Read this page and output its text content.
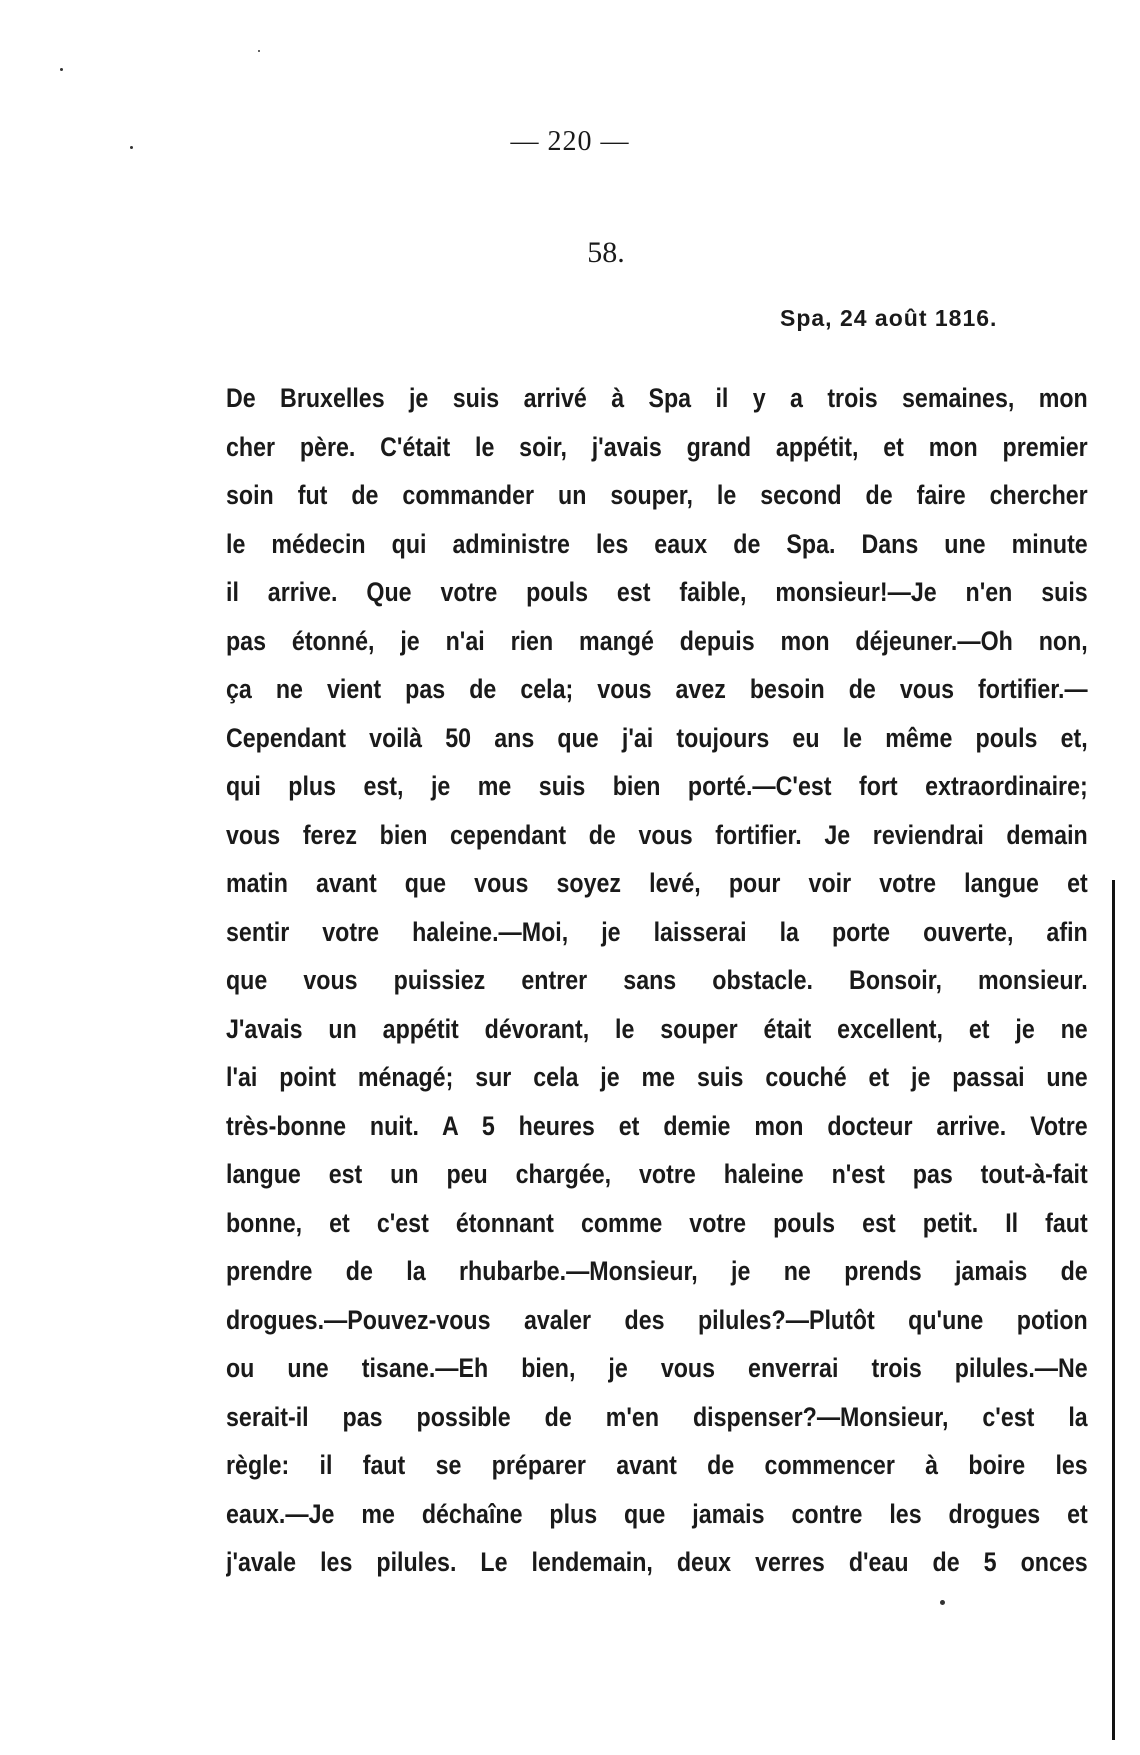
— 220 —
58.
Spa, 24 août 1816.
De Bruxelles je suis arrivé à Spa il y a trois semaines, mon
cher père. C'était le soir, j'avais grand appétit, et mon premier
soin fut de commander un souper, le second de faire chercher
le médecin qui administre les eaux de Spa. Dans une minute
il arrive. Que votre pouls est faible, monsieur!—Je n'en suis
pas étonné, je n'ai rien mangé depuis mon déjeuner.—Oh non,
ça ne vient pas de cela; vous avez besoin de vous fortifier.—
Cependant voilà 50 ans que j'ai toujours eu le même pouls et,
qui plus est, je me suis bien porté.—C'est fort extraordinaire;
vous ferez bien cependant de vous fortifier. Je reviendrai demain
matin avant que vous soyez levé, pour voir votre langue et
sentir votre haleine.—Moi, je laisserai la porte ouverte, afin
que vous puissiez entrer sans obstacle. Bonsoir, monsieur.
J'avais un appétit dévorant, le souper était excellent, et je ne
l'ai point ménagé; sur cela je me suis couché et je passai une
très-bonne nuit. A 5 heures et demie mon docteur arrive. Votre
langue est un peu chargée, votre haleine n'est pas tout-à-fait
bonne, et c'est étonnant comme votre pouls est petit. Il faut
prendre de la rhubarbe.—Monsieur, je ne prends jamais de
drogues.—Pouvez-vous avaler des pilules?—Plutôt qu'une potion
ou une tisane.—Eh bien, je vous enverrai trois pilules.—Ne
serait-il pas possible de m'en dispenser?—Monsieur, c'est la
règle: il faut se préparer avant de commencer à boire les
eaux.—Je me déchaîne plus que jamais contre les drogues et
j'avale les pilules. Le lendemain, deux verres d'eau de 5 onces
